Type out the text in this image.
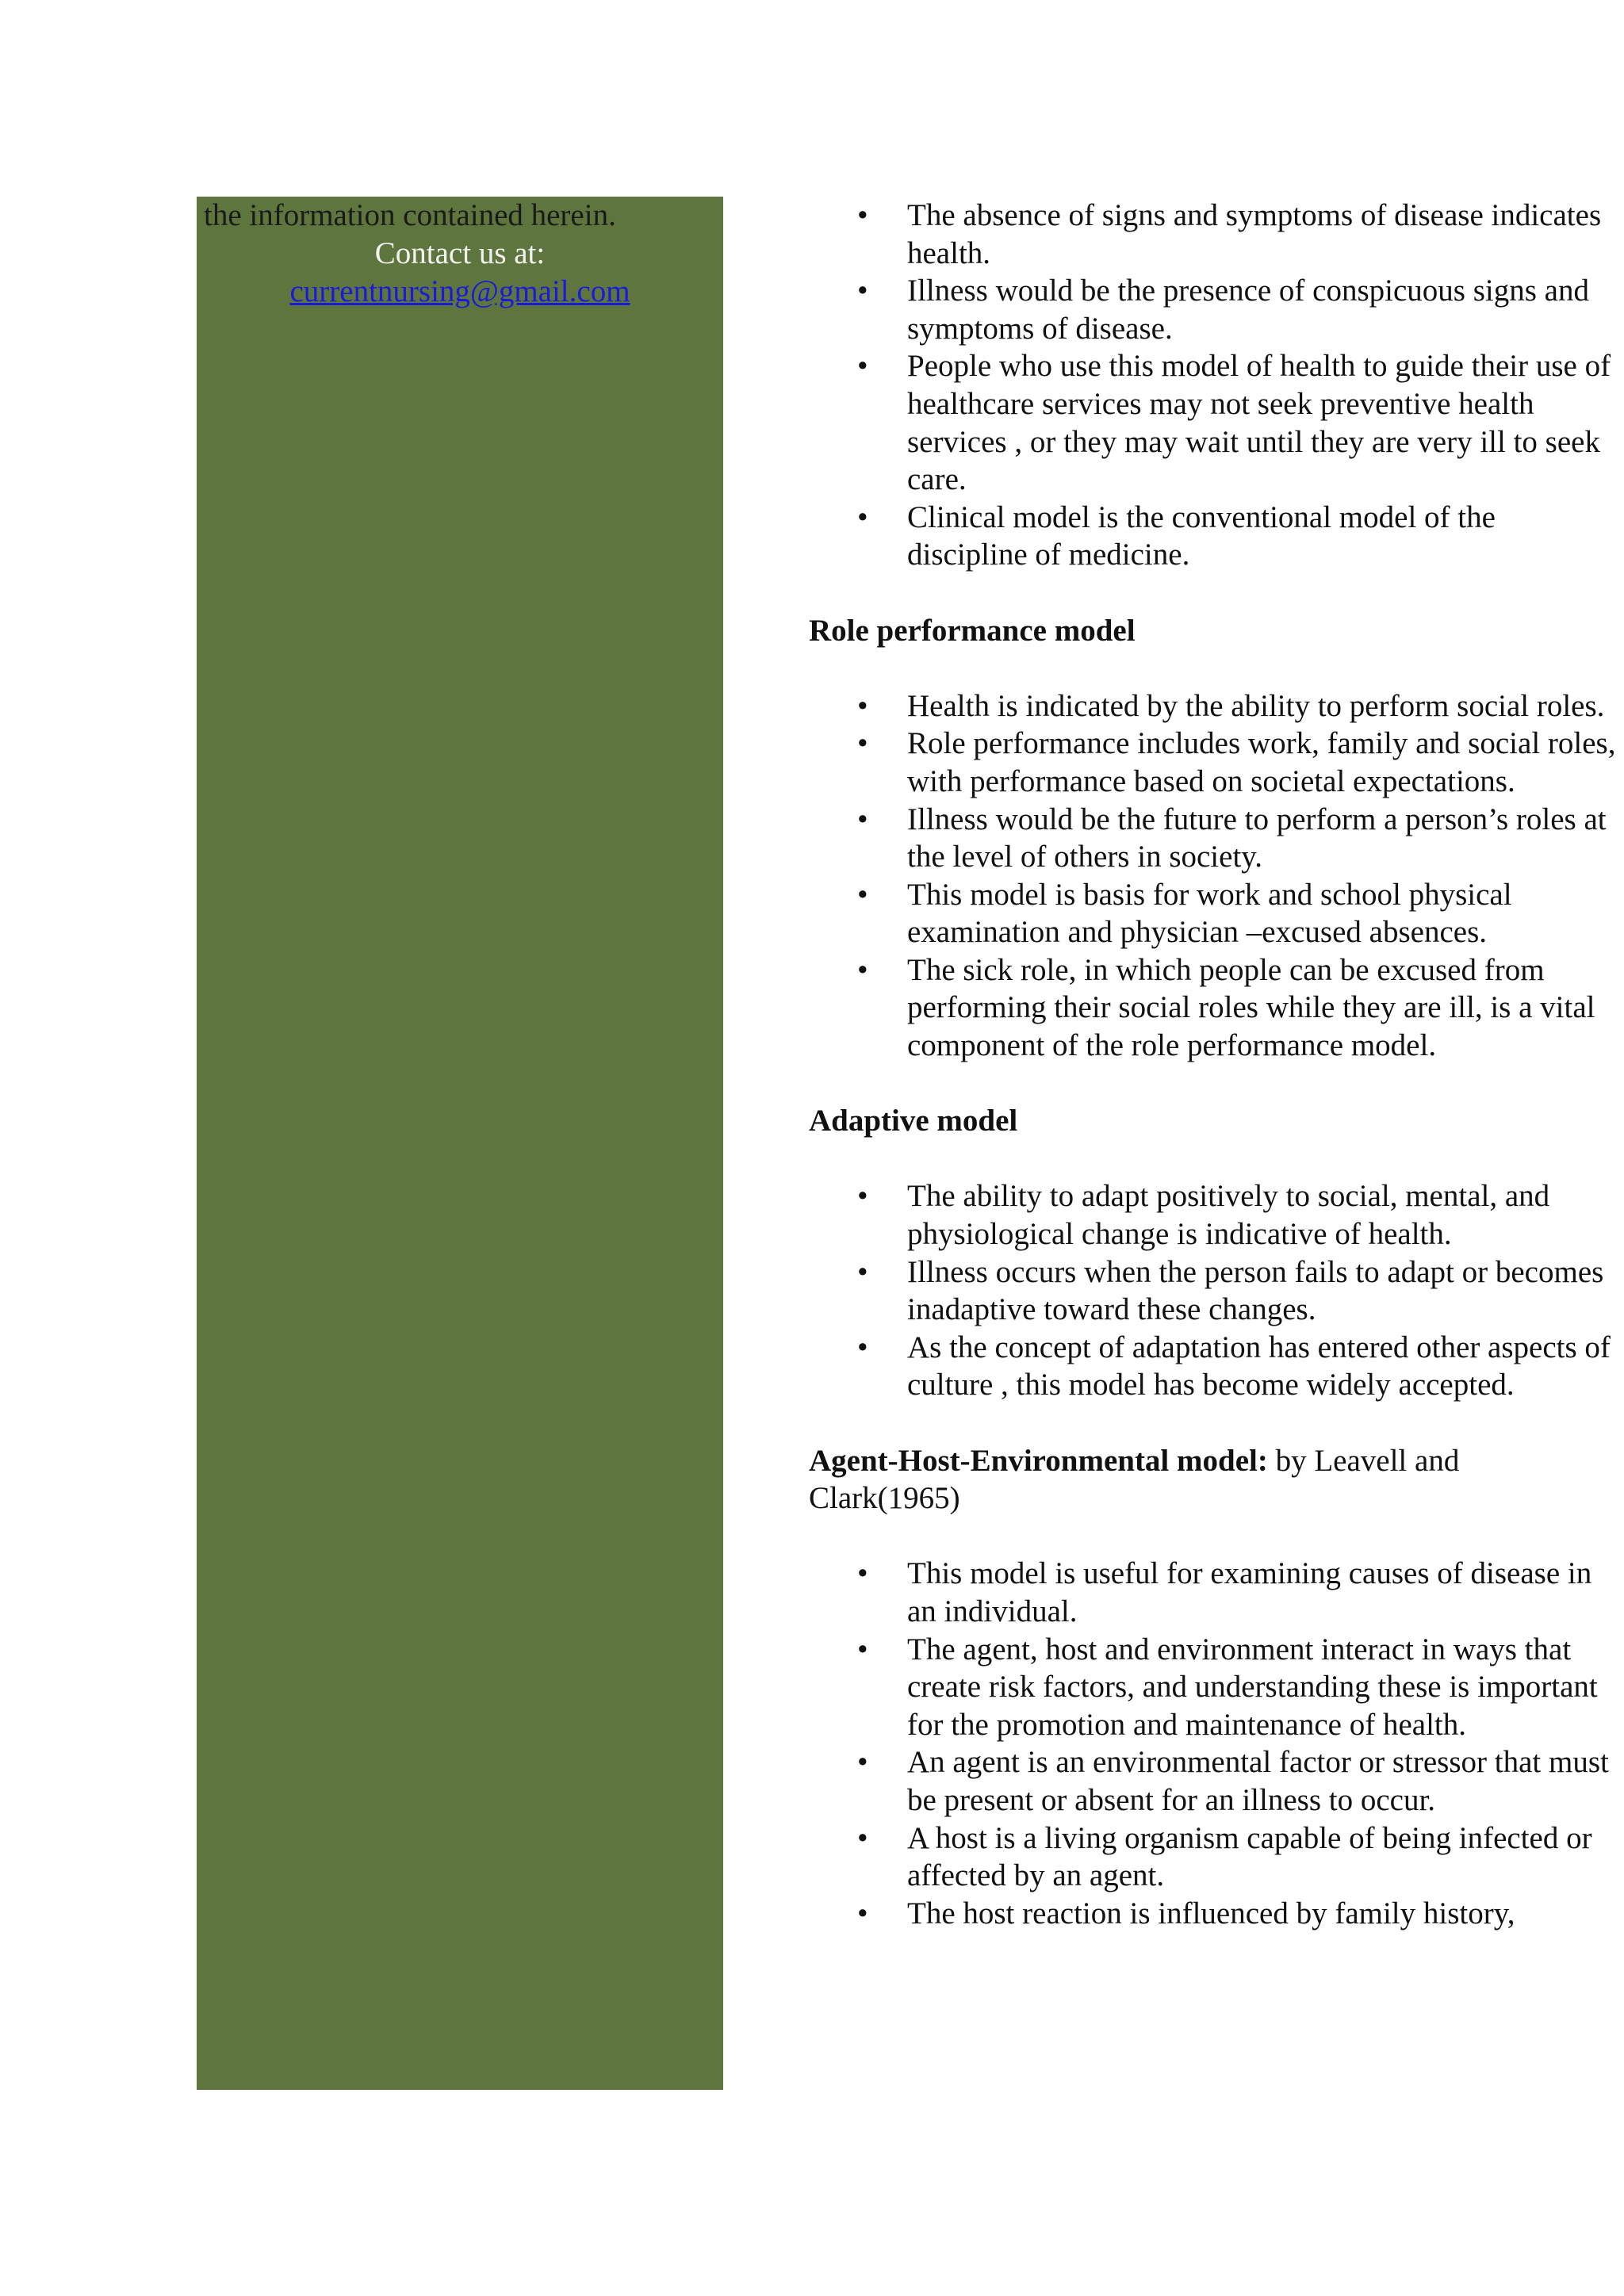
the information contained herein.
Contact us at:
currentnursing@gmail.com
• The absence of signs and symptoms of disease indicates health.
• Illness would be the presence of conspicuous signs and symptoms of disease.
• People who use this model of health to guide their use of healthcare services may not seek preventive health services , or they may wait until they are very ill to seek care.
• Clinical model is the conventional model of the discipline of medicine.

Role performance model

• Health is indicated by the ability to perform social roles.
• Role performance includes work, family and social roles, with performance based on societal expectations.
• Illness would be the future to perform a person’s roles at the level of others in society.
• This model is basis for work and school physical examination and physician –excused absences.
• The sick role, in which people can be excused from performing their social roles while they are ill, is a vital component of the role performance model.

Adaptive model

• The ability to adapt positively to social, mental, and physiological change is indicative of health.
• Illness occurs when the person fails to adapt or becomes inadaptive toward these changes.
• As the concept of adaptation has entered other aspects of culture , this model has become widely accepted.

Agent-Host-Environmental model: by Leavell and Clark(1965)

• This model is useful for examining causes of disease in an individual.
• The agent, host and environment interact in ways that create risk factors, and understanding these is important for the promotion and maintenance of health.
• An agent is an environmental factor or stressor that must be present or absent for an illness to occur.
• A host is a living organism capable of being infected or affected by an agent.
• The host reaction is influenced by family history,
